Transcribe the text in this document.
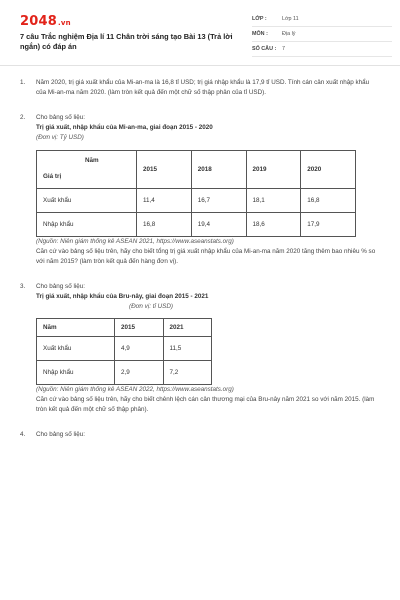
2048.vn
7 câu Trắc nghiệm Địa lí 11 Chân trời sáng tạo Bài 13 (Trả lời ngắn) có đáp án
LỚP :	Lớp 11
MÔN :	Địa lý
SỐ CÂU : 7
1. Năm 2020, trị giá xuất khẩu của Mi-an-ma là 16,8 tỉ USD; trị giá nhập khẩu là 17,9 tỉ USD. Tính cán cân xuất nhập khẩu của Mi-an-ma năm 2020. (làm tròn kết quả đến một chữ số thập phân của tỉ USD).

2. Cho bảng số liệu:

Trị giá xuất, nhập khẩu của Mi-an-ma, giai đoạn 2015 - 2020

(Đơn vị: Tỷ USD)

Năm
Giá trị	2015	2018	2019	2020
Xuất khẩu	11,4	16,7	18,1	16,8
Nhập khẩu	16,8	19,4	18,6	17,9

(Nguồn: Niên giám thống kê ASEAN 2021, https://www.aseanstats.org)

Căn cứ vào bảng số liệu trên, hãy cho biết tổng trị giá xuất nhập khẩu của Mi-an-ma năm 2020 tăng thêm bao nhiêu % so với năm 2015? (làm tròn kết quả đến hàng đơn vị).

3. Cho bảng số liệu:

Trị giá xuất, nhập khẩu của Bru-nây, giai đoạn 2015 - 2021

(Đơn vị: tỉ USD)

Năm	2015	2021
Xuất khẩu	4,9	11,5
Nhập khẩu	2,9	7,2

(Nguồn: Niên giám thống kê ASEAN 2022, https://www.aseanstats.org)

Căn cứ vào bảng số liệu trên, hãy cho biết chênh lệch cán cân thương mại của Bru-nây năm 2021 so với năm 2015. (làm tròn kết quả đến một chữ số thập phân).

4. Cho bảng số liệu:
